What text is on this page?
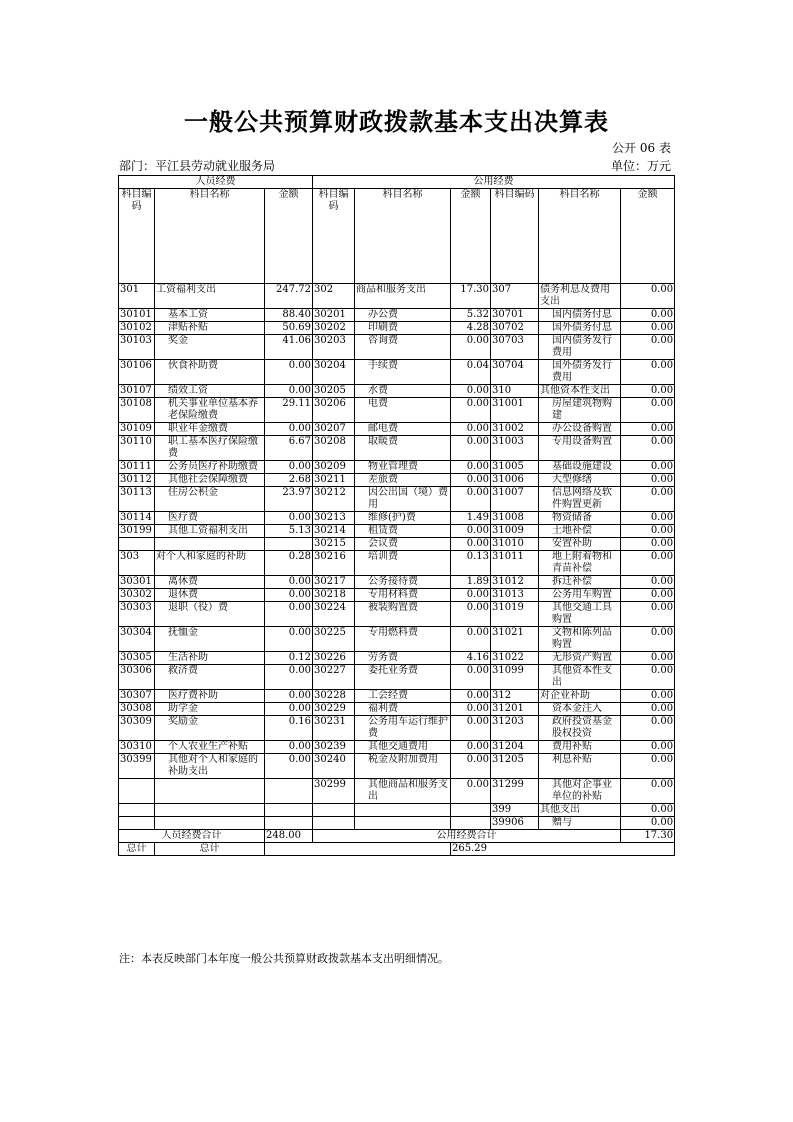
一般公共预算财政拨款基本支出决算表
公开 06 表
部门：平江县劳动就业服务局	单位：万元
人员经费			公用经费					
科目编码	科目名称	金额	科目编码	科目名称	金额	科目编码	科目名称	金额
301	工资福利支出	247.72	302	商品和服务支出	17.30	307	债务利息及费用支出	0.00
30101	基本工资	88.40	30201	办公费	5.32	30701	国内债务付息	0.00
30102	津贴补贴	50.69	30202	印刷费	4.28	30702	国外债务付息	0.00
30103	奖金	41.06	30203	咨询费	0.00	30703	国内债务发行费用	0.00
30106	伙食补助费	0.00	30204	手续费	0.04	30704	国外债务发行费用	0.00
30107	绩效工资	0.00	30205	水费	0.00	310	其他资本性支出	0.00
30108	机关事业单位基本养老保险缴费	29.11	30206	电费	0.00	31001	房屋建筑物购建	0.00
30109	职业年金缴费	0.00	30207	邮电费	0.00	31002	办公设备购置	0.00
30110	职工基本医疗保险缴费	6.67	30208	取暖费	0.00	31003	专用设备购置	0.00
30111	公务员医疗补助缴费	0.00	30209	物业管理费	0.00	31005	基础设施建设	0.00
30112	其他社会保障缴费	2.68	30211	差旅费	0.00	31006	大型修缮	0.00
30113	住房公积金	23.97	30212	因公出国（境）费用	0.00	31007	信息网络及软件购置更新	0.00
30114	医疗费	0.00	30213	维修(护)费	1.49	31008	物资储备	0.00
30199	其他工资福利支出	5.13	30214	租赁费	0.00	31009	土地补偿	0.00
			30215	会议费	0.00	31010	安置补助	0.00
303	对个人和家庭的补助	0.28	30216	培训费	0.13	31011	地上附着物和青苗补偿	0.00
30301	离休费	0.00	30217	公务接待费	1.89	31012	拆迁补偿	0.00
30302	退休费	0.00	30218	专用材料费	0.00	31013	公务用车购置	0.00
30303	退职（役）费	0.00	30224	被装购置费	0.00	31019	其他交通工具购置	0.00
30304	抚恤金	0.00	30225	专用燃料费	0.00	31021	文物和陈列品购置	0.00
30305	生活补助	0.12	30226	劳务费	4.16	31022	无形资产购置	0.00
30306	救济费	0.00	30227	委托业务费	0.00	31099	其他资本性支出	0.00
30307	医疗费补助	0.00	30228	工会经费	0.00	312	对企业补助	0.00
30308	助学金	0.00	30229	福利费	0.00	31201	资本金注入	0.00
30309	奖励金	0.16	30231	公务用车运行维护费	0.00	31203	政府投资基金股权投资	0.00
30310	个人农业生产补贴	0.00	30239	其他交通费用	0.00	31204	费用补贴	0.00
30399	其他对个人和家庭的补助支出	0.00	30240	税金及附加费用	0.00	31205	利息补贴	0.00
			30299	其他商品和服务支出	0.00	31299	其他对企事业单位的补贴	0.00
						399	其他支出	0.00
						39906	赠与	0.00
人员经费合计		248.00	公用经费合计					17.30
总计	总计				265.29			
注：本表反映部门本年度一般公共预算财政拨款基本支出明细情况。
